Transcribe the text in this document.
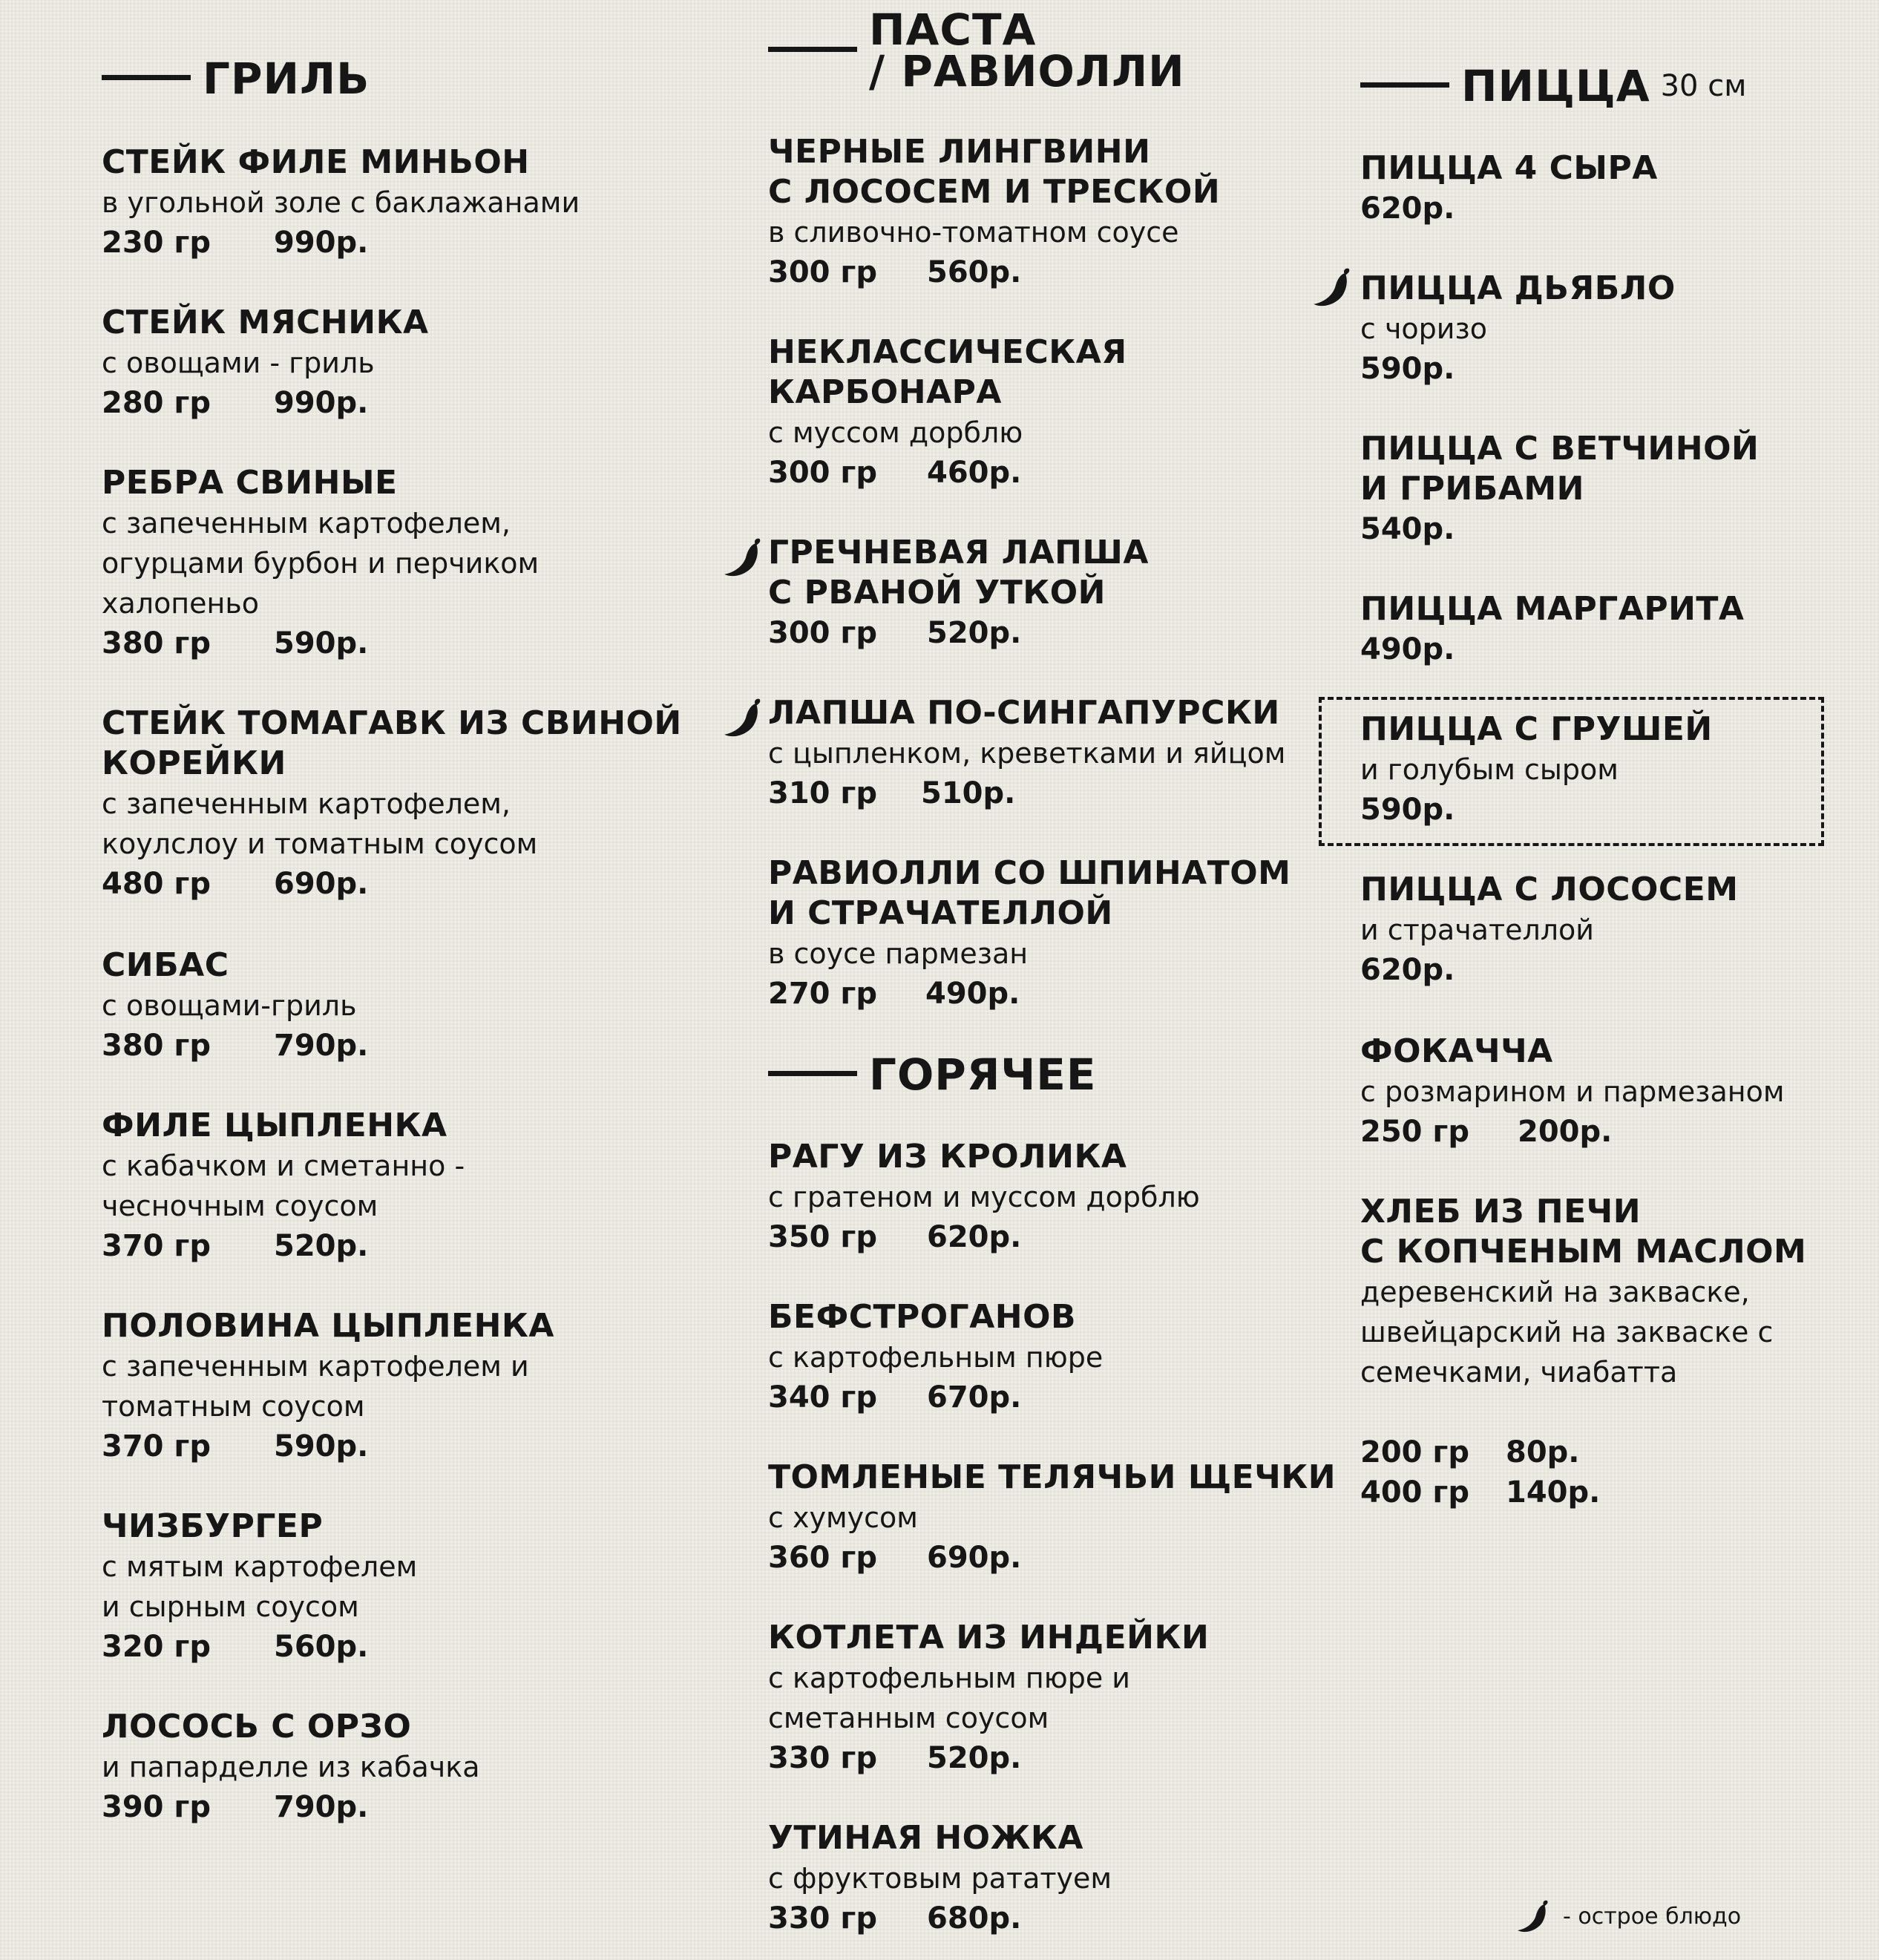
ГРИЛЬ
СТЕЙК ФИЛЕ МИНЬОН
в угольной золе с баклажанами
230 гр	990р.
СТЕЙК МЯСНИКА
с овощами - гриль
280 гр	990р.
РЕБРА СВИНЫЕ
с запеченным картофелем,
огурцами бурбон и перчиком
халопеньо
380 гр	590р.
СТЕЙК ТОМАГАВК ИЗ СВИНОЙ
КОРЕЙКИ
с запеченным картофелем,
коулслоу и томатным соусом
480 гр	690р.
СИБАС
с овощами-гриль
380 гр	790р.
ФИЛЕ ЦЫПЛЕНКА
с кабачком и сметанно -
чесночным соусом
370 гр	520р.
ПОЛОВИНА ЦЫПЛЕНКА
с запеченным картофелем и
томатным соусом
370 гр	590р.
ЧИЗБУРГЕР
с мятым картофелем
и сырным соусом
320 гр	560р.
ЛОСОСЬ С ОРЗО
и папарделле из кабачка
390 гр	790р.
ПАСТА
/ РАВИОЛЛИ
ЧЕРНЫЕ ЛИНГВИНИ
С ЛОСОСЕМ И ТРЕСКОЙ
в сливочно-томатном соусе
300 гр	560р.
НЕКЛАССИЧЕСКАЯ
КАРБОНАРА
с муссом дорблю
300 гр	460р.
ГРЕЧНЕВАЯ ЛАПША
С РВАНОЙ УТКОЙ
300 гр	520р.
ЛАПША ПО-СИНГАПУРСКИ
с цыпленком, креветками и яйцом
310 гр	510р.
РАВИОЛЛИ СО ШПИНАТОМ
И СТРАЧАТЕЛЛОЙ
в соусе пармезан
270 гр	490р.
ГОРЯЧЕЕ
РАГУ ИЗ КРОЛИКА
с гратеном и муссом дорблю
350 гр	620р.
БЕФСТРОГАНОВ
с картофельным пюре
340 гр	670р.
ТОМЛЕНЫЕ ТЕЛЯЧЬИ ЩЕЧКИ
с хумусом
360 гр	690р.
КОТЛЕТА ИЗ ИНДЕЙКИ
с картофельным пюре и
сметанным соусом
330 гр	520р.
УТИНАЯ НОЖКА
с фруктовым рататуем
330 гр	680р.
ПИЦЦА 30 см
ПИЦЦА 4 СЫРА
620р.
ПИЦЦА ДЬЯБЛО
с чоризо
590р.
ПИЦЦА С ВЕТЧИНОЙ
И ГРИБАМИ
540р.
ПИЦЦА МАРГАРИТА
490р.
ПИЦЦА С ГРУШЕЙ
и голубым сыром
590р.
ПИЦЦА С ЛОСОСЕМ
и страчателлой
620р.
ФОКАЧЧА
с розмарином и пармезаном
250 гр	200р.
ХЛЕБ ИЗ ПЕЧИ
С КОПЧЕНЫМ МАСЛОМ
деревенский на закваске,
швейцарский на закваске с
семечками, чиабатта
200 гр	80р.
400 гр	140р.
- острое блюдо
